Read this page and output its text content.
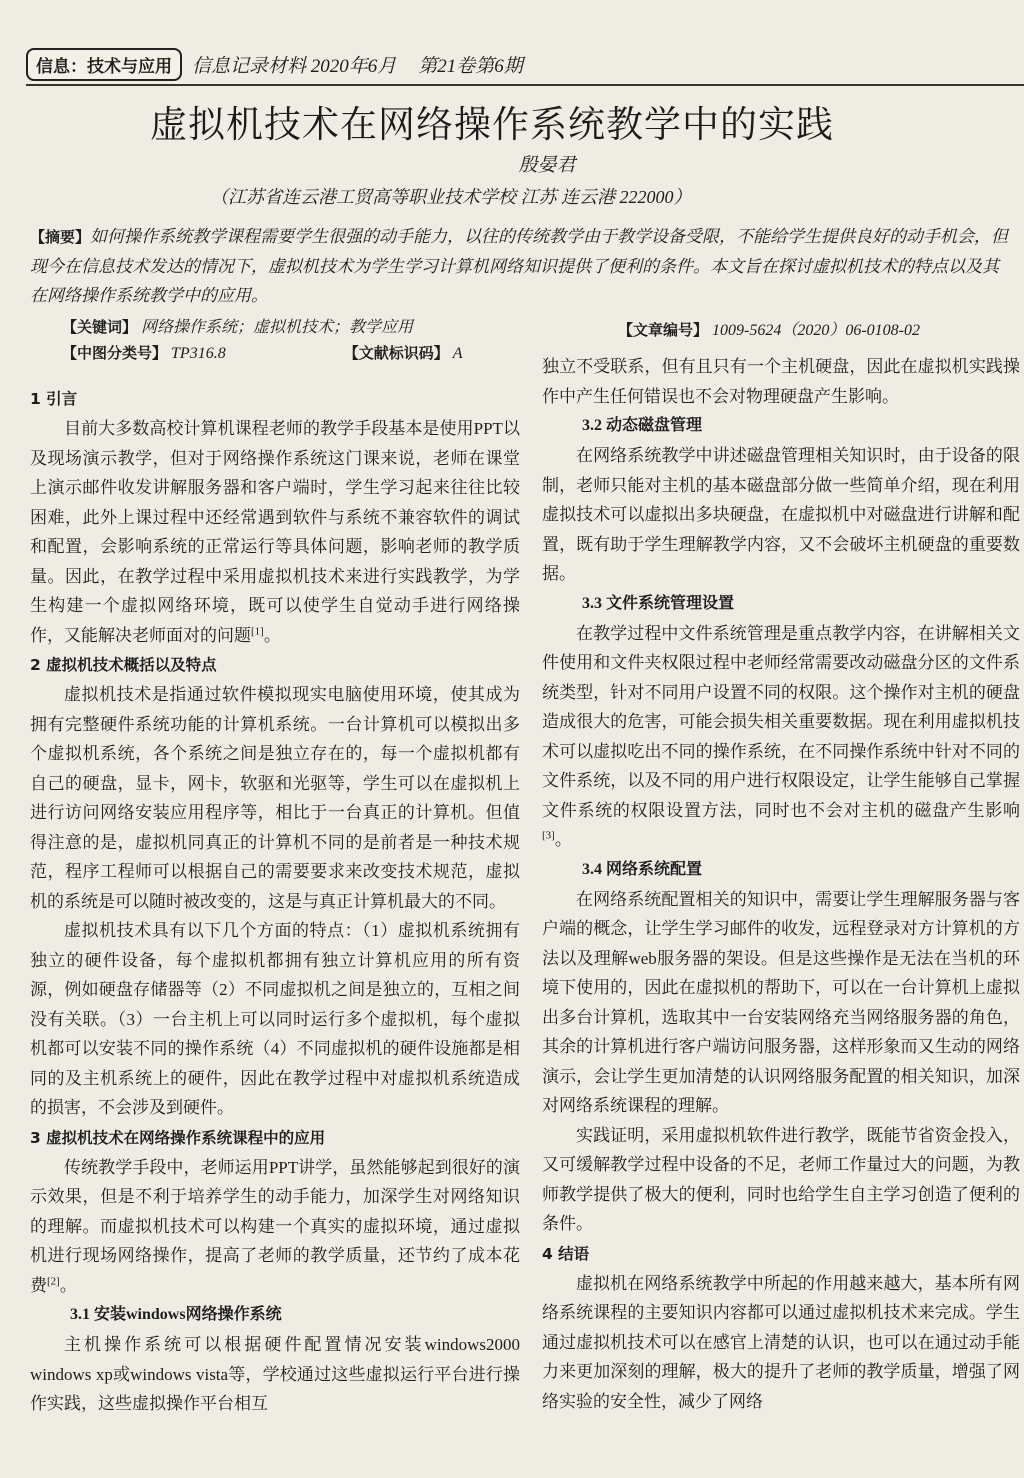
信息：技术与应用	信息记录材料 2020年6月 第21卷第6期
虚拟机技术在网络操作系统教学中的实践
殷晏君
（江苏省连云港工贸高等职业技术学校 江苏 连云港 222000）
【摘要】如何操作系统教学课程需要学生很强的动手能力，以往的传统教学由于教学设备受限，不能给学生提供良好的动手机会，但现今在信息技术发达的情况下，虚拟机技术为学生学习计算机网络知识提供了便利的条件。本文旨在探讨虚拟机技术的特点以及其在网络操作系统教学中的应用。
【关键词】 网络操作系统；虚拟机技术；教学应用
【中图分类号】 TP316.8	【文献标识码】 A
【文章编号】 1009-5624（2020）06-0108-02
1 引言

目前大多数高校计算机课程老师的教学手段基本是使用PPT以及现场演示教学，但对于网络操作系统这门课来说，老师在课堂上演示邮件收发讲解服务器和客户端时，学生学习起来往往比较困难，此外上课过程中还经常遇到软件与系统不兼容软件的调试和配置，会影响系统的正常运行等具体问题，影响老师的教学质量。因此，在教学过程中采用虚拟机技术来进行实践教学，为学生构建一个虚拟网络环境，既可以使学生自觉动手进行网络操作，又能解决老师面对的问题[1]。

2 虚拟机技术概括以及特点

虚拟机技术是指通过软件模拟现实电脑使用环境，使其成为拥有完整硬件系统功能的计算机系统。一台计算机可以模拟出多个虚拟机系统，各个系统之间是独立存在的，每一个虚拟机都有自己的硬盘，显卡，网卡，软驱和光驱等，学生可以在虚拟机上进行访问网络安装应用程序等，相比于一台真正的计算机。但值得注意的是，虚拟机同真正的计算机不同的是前者是一种技术规范，程序工程师可以根据自己的需要要求来改变技术规范，虚拟机的系统是可以随时被改变的，这是与真正计算机最大的不同。

虚拟机技术具有以下几个方面的特点：（1）虚拟机系统拥有独立的硬件设备，每个虚拟机都拥有独立计算机应用的所有资源，例如硬盘存储器等（2）不同虚拟机之间是独立的，互相之间没有关联。（3）一台主机上可以同时运行多个虚拟机，每个虚拟机都可以安装不同的操作系统（4）不同虚拟机的硬件设施都是相同的及主机系统上的硬件，因此在教学过程中对虚拟机系统造成的损害，不会涉及到硬件。

3 虚拟机技术在网络操作系统课程中的应用

传统教学手段中，老师运用PPT讲学，虽然能够起到很好的演示效果，但是不利于培养学生的动手能力，加深学生对网络知识的理解。而虚拟机技术可以构建一个真实的虚拟环境，通过虚拟机进行现场网络操作，提高了老师的教学质量，还节约了成本花费[2]。

3.1 安装windows网络操作系统

主机操作系统可以根据硬件配置情况安装windows2000 windows xp或windows vista等，学校通过这些虚拟运行平台进行操作实践，这些虚拟操作平台相互

独立不受联系，但有且只有一个主机硬盘，因此在虚拟机实践操作中产生任何错误也不会对物理硬盘产生影响。

3.2 动态磁盘管理

在网络系统教学中讲述磁盘管理相关知识时，由于设备的限制，老师只能对主机的基本磁盘部分做一些简单介绍，现在利用虚拟技术可以虚拟出多块硬盘，在虚拟机中对磁盘进行讲解和配置，既有助于学生理解教学内容，又不会破坏主机硬盘的重要数据。

3.3 文件系统管理设置

在教学过程中文件系统管理是重点教学内容，在讲解相关文件使用和文件夹权限过程中老师经常需要改动磁盘分区的文件系统类型，针对不同用户设置不同的权限。这个操作对主机的硬盘造成很大的危害，可能会损失相关重要数据。现在利用虚拟机技术可以虚拟吃出不同的操作系统，在不同操作系统中针对不同的文件系统，以及不同的用户进行权限设定，让学生能够自己掌握文件系统的权限设置方法，同时也不会对主机的磁盘产生影响[3]。

3.4 网络系统配置

在网络系统配置相关的知识中，需要让学生理解服务器与客户端的概念，让学生学习邮件的收发，远程登录对方计算机的方法以及理解web服务器的架设。但是这些操作是无法在当机的环境下使用的，因此在虚拟机的帮助下，可以在一台计算机上虚拟出多台计算机，选取其中一台安装网络充当网络服务器的角色，其余的计算机进行客户端访问服务器，这样形象而又生动的网络演示，会让学生更加清楚的认识网络服务配置的相关知识，加深对网络系统课程的理解。

实践证明，采用虚拟机软件进行教学，既能节省资金投入，又可缓解教学过程中设备的不足，老师工作量过大的问题，为教师教学提供了极大的便利，同时也给学生自主学习创造了便利的条件。

4 结语

虚拟机在网络系统教学中所起的作用越来越大，基本所有网络系统课程的主要知识内容都可以通过虚拟机技术来完成。学生通过虚拟机技术可以在感官上清楚的认识，也可以在通过动手能力来更加深刻的理解，极大的提升了老师的教学质量，增强了网络实验的安全性，减少了网络
